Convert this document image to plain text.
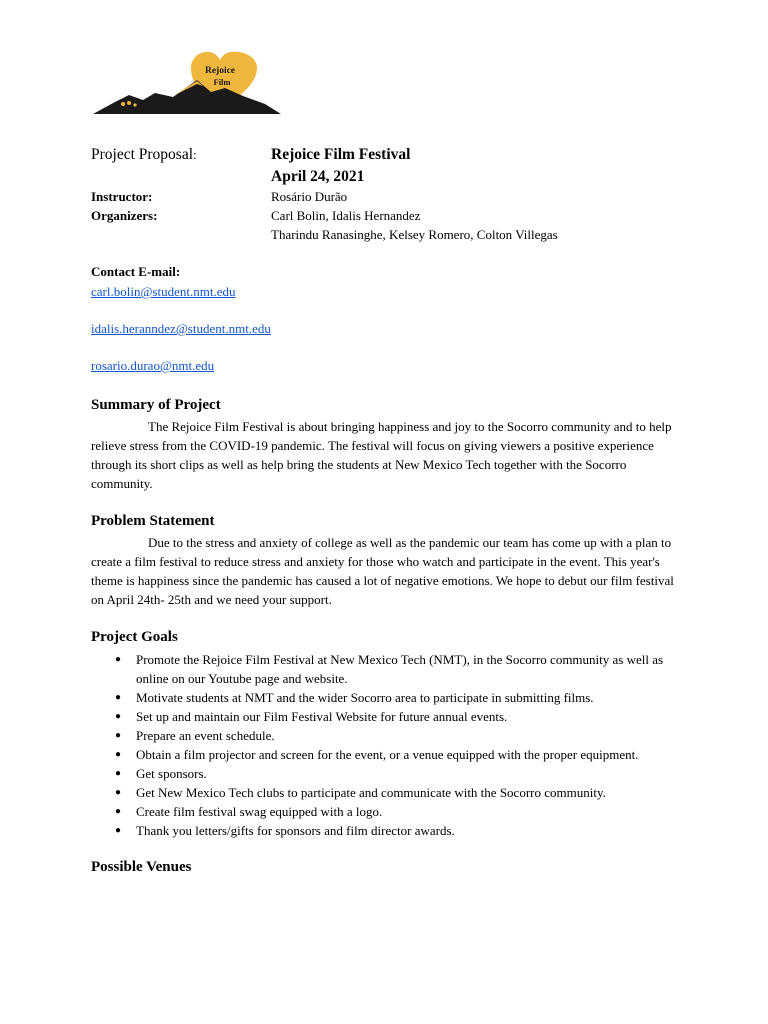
Rejoice
Film
Project Proposal:	Rejoice Film Festival
April 24, 2021
Instructor:	Rosário Durão
Organizers:	Carl Bolin, Idalis Hernandez
Tharindu Ranasinghe, Kelsey Romero, Colton Villegas
Contact E-mail:
carl.bolin@student.nmt.edu
idalis.heranndez@student.nmt.edu
rosario.durao@nmt.edu
Summary of Project

The Rejoice Film Festival is about bringing happiness and joy to the Socorro community and to help relieve stress from the COVID-19 pandemic. The festival will focus on giving viewers a positive experience through its short clips as well as help bring the students at New Mexico Tech together with the Socorro community.

Problem Statement

Due to the stress and anxiety of college as well as the pandemic our team has come up with a plan to create a film festival to reduce stress and anxiety for those who watch and participate in the event. This year's theme is happiness since the pandemic has caused a lot of negative emotions. We hope to debut our film festival on April 24th- 25th and we need your support.

Project Goals
● Promote the Rejoice Film Festival at New Mexico Tech (NMT), in the Socorro community as well as online on our Youtube page and website.
● Motivate students at NMT and the wider Socorro area to participate in submitting films.
● Set up and maintain our Film Festival Website for future annual events.
● Prepare an event schedule.
● Obtain a film projector and screen for the event, or a venue equipped with the proper equipment.
● Get sponsors.
● Get New Mexico Tech clubs to participate and communicate with the Socorro community.
● Create film festival swag equipped with a logo.
● Thank you letters/gifts for sponsors and film director awards.
Possible Venues
